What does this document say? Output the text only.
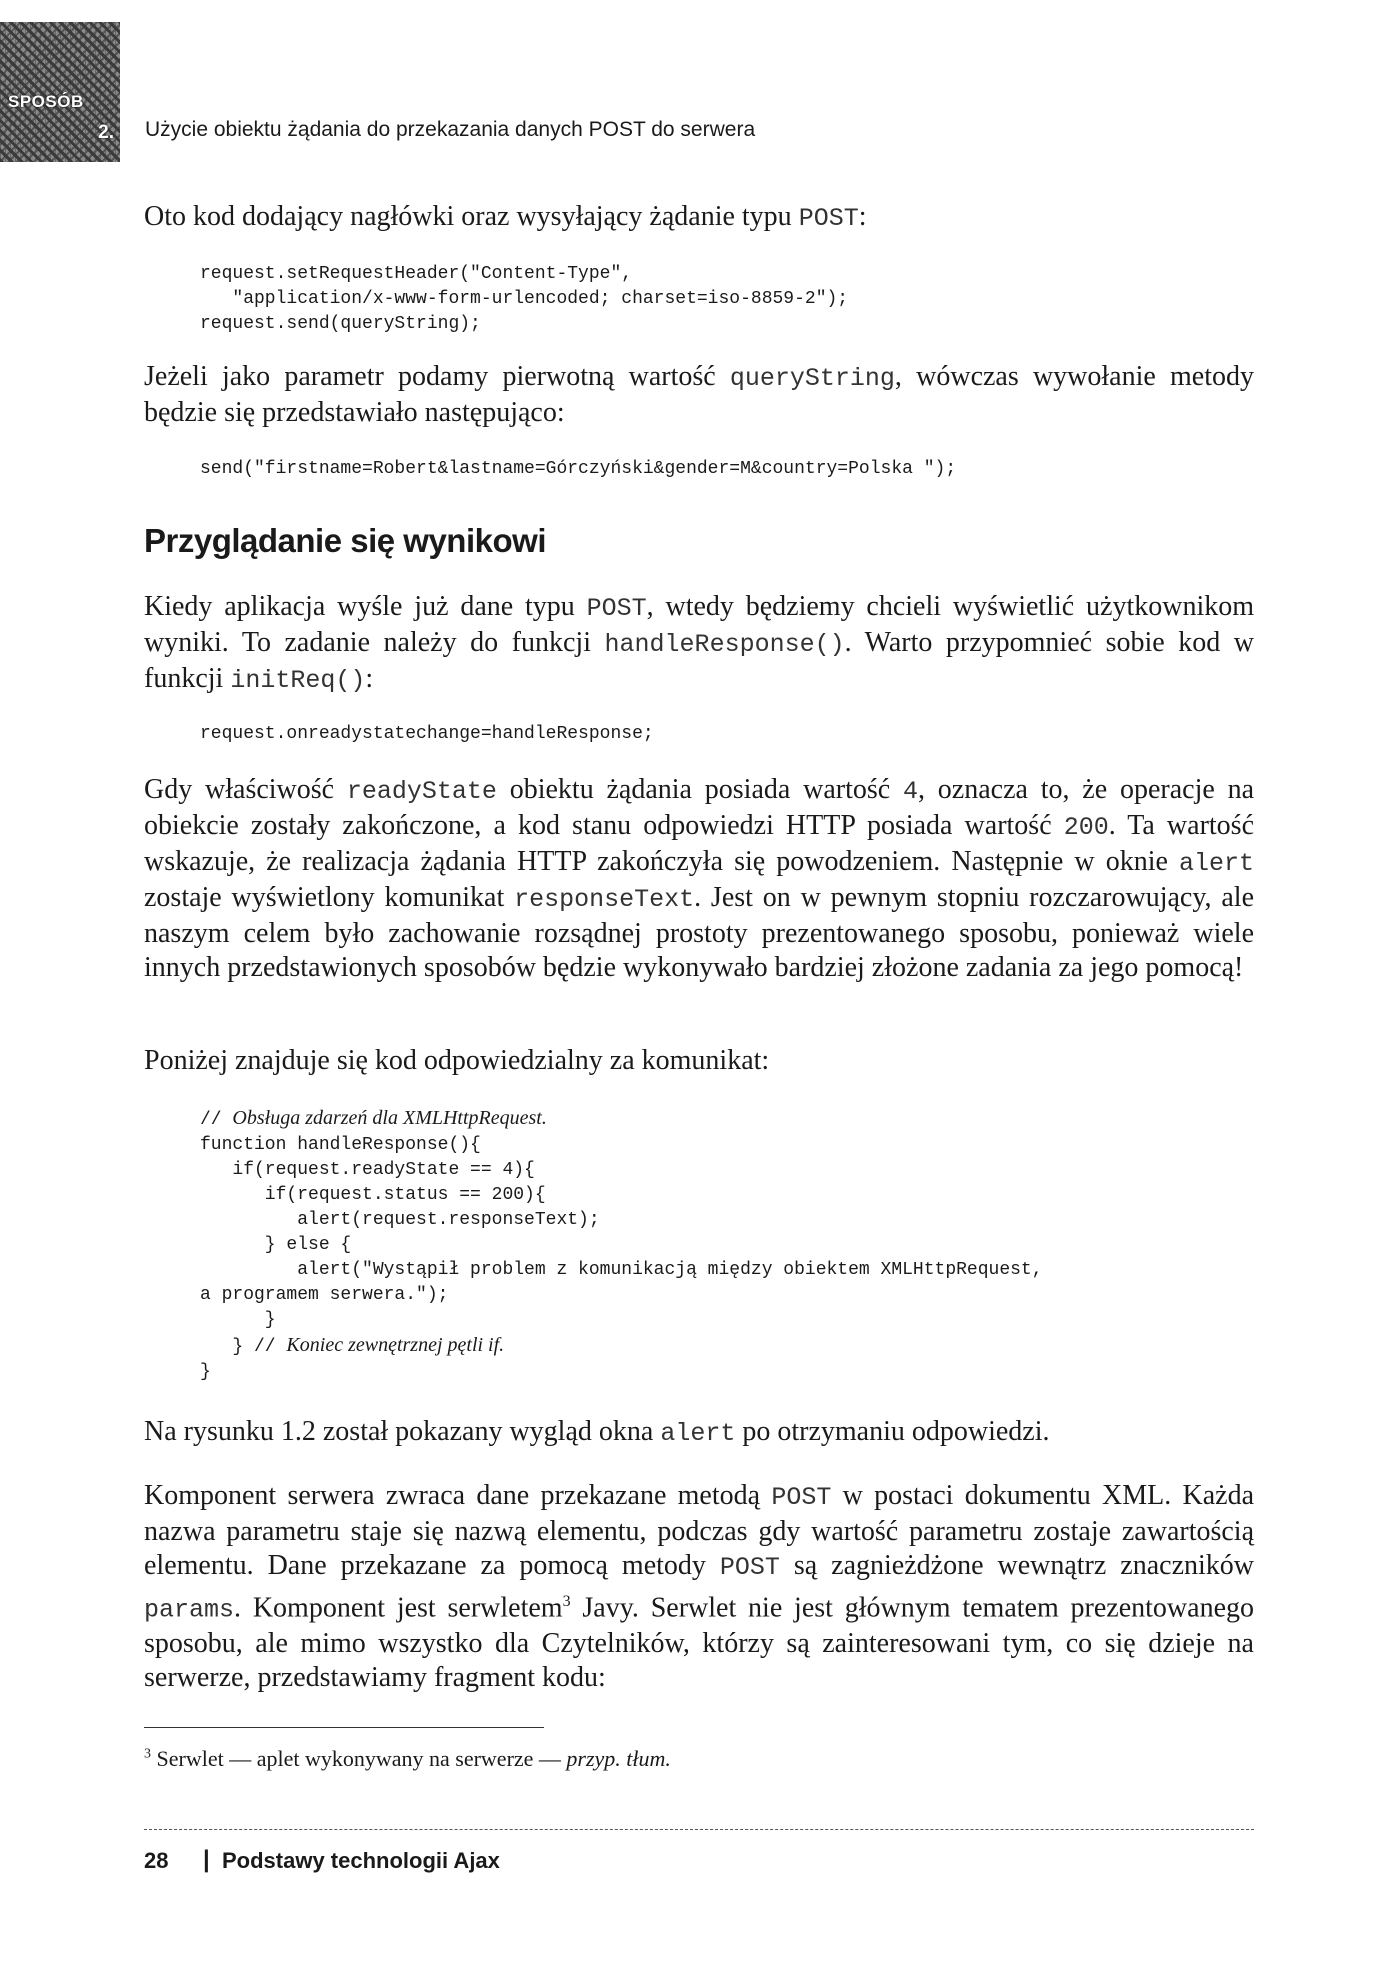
SPOSÓB
2. Użycie obiektu żądania do przekazania danych POST do serwera

Oto kod dodający nagłówki oraz wysyłający żądanie typu POST:

request.setRequestHeader("Content-Type",
"application/x-www-form-urlencoded; charset=iso-8859-2");
request.send(queryString);

Jeżeli jako parametr podamy pierwotną wartość queryString, wówczas wywołanie metody będzie się przedstawiało następująco:

send("firstname=Robert&lastname=Górczyński&gender=M&country=Polska ");
Przyglądanie się wynikowi

Kiedy aplikacja wyśle już dane typu POST, wtedy będziemy chcieli wyświetlić użytkownikom wyniki. To zadanie należy do funkcji handleResponse(). Warto przypomnieć sobie kod w funkcji initReq():

request.onreadystatechange=handleResponse;

Gdy właściwość readyState obiektu żądania posiada wartość 4, oznacza to, że operacje na obiekcie zostały zakończone, a kod stanu odpowiedzi HTTP posiada wartość 200. Ta wartość wskazuje, że realizacja żądania HTTP zakończyła się powodzeniem. Następnie w oknie alert zostaje wyświetlony komunikat responseText. Jest on w pewnym stopniu rozczarowujący, ale naszym celem było zachowanie rozsądnej prostoty prezentowanego sposobu, ponieważ wiele innych przedstawionych sposobów będzie wykonywało bardziej złożone zadania za jego pomocą!

Poniżej znajduje się kod odpowiedzialny za komunikat:

// Obsługa zdarzeń dla XMLHttpRequest.
function handleResponse(){
if(request.readyState == 4){
if(request.status == 200){
alert(request.responseText);
} else {
alert("Wystąpił problem z komunikacją między obiektem XMLHttpRequest,
a programem serwera.");
}
} // Koniec zewnętrznej pętli if.
}

Na rysunku 1.2 został pokazany wygląd okna alert po otrzymaniu odpowiedzi.

Komponent serwera zwraca dane przekazane metodą POST w postaci dokumentu XML. Każda nazwa parametru staje się nazwą elementu, podczas gdy wartość parametru zostaje zawartością elementu. Dane przekazane za pomocą metody POST są zagnieżdżone wewnątrz znaczników params. Komponent jest serwletem$^3$ Javy. Serwlet nie jest głównym tematem prezentowanego sposobu, ale mimo wszystko dla Czytelników, którzy są zainteresowani tym, co się dzieje na serwerze, przedstawiamy fragment kodu:

$^3$ Serwlet — aplet wykonywany na serwerze — przyp. tłum.
28 | Podstawy technologii Ajax
